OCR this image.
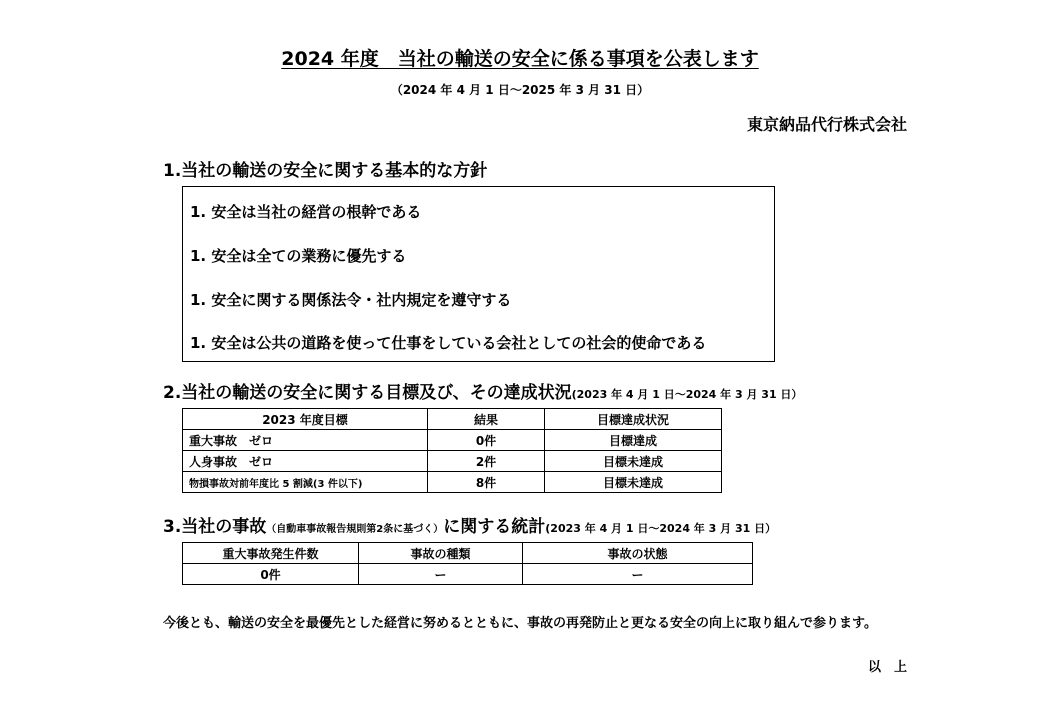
2024 年度　当社の輸送の安全に係る事項を公表します
（2024 年 4 月 1 日～2025 年 3 月 31 日）
東京納品代行株式会社
1.当社の輸送の安全に関する基本的な方針
1. 安全は当社の経営の根幹である
1. 安全は全ての業務に優先する
1. 安全に関する関係法令・社内規定を遵守する
1. 安全は公共の道路を使って仕事をしている会社としての社会的使命である
2.当社の輸送の安全に関する目標及び、その達成状況(2023 年 4 月 1 日～2024 年 3 月 31 日）
2023 年度目標	結果	目標達成状況
重大事故　ゼロ	0件	目標達成
人身事故　ゼロ	2件	目標未達成
物損事故対前年度比 5 割減(3 件以下)	8件	目標未達成
3.当社の事故（自動車事故報告規則第2条に基づく）に関する統計(2023 年 4 月 1 日～2024 年 3 月 31 日）
重大事故発生件数	事故の種類	事故の状態
0件	ー	ー
今後とも、輸送の安全を最優先とした経営に努めるとともに、事故の再発防止と更なる安全の向上に取り組んで参ります。
以　上
